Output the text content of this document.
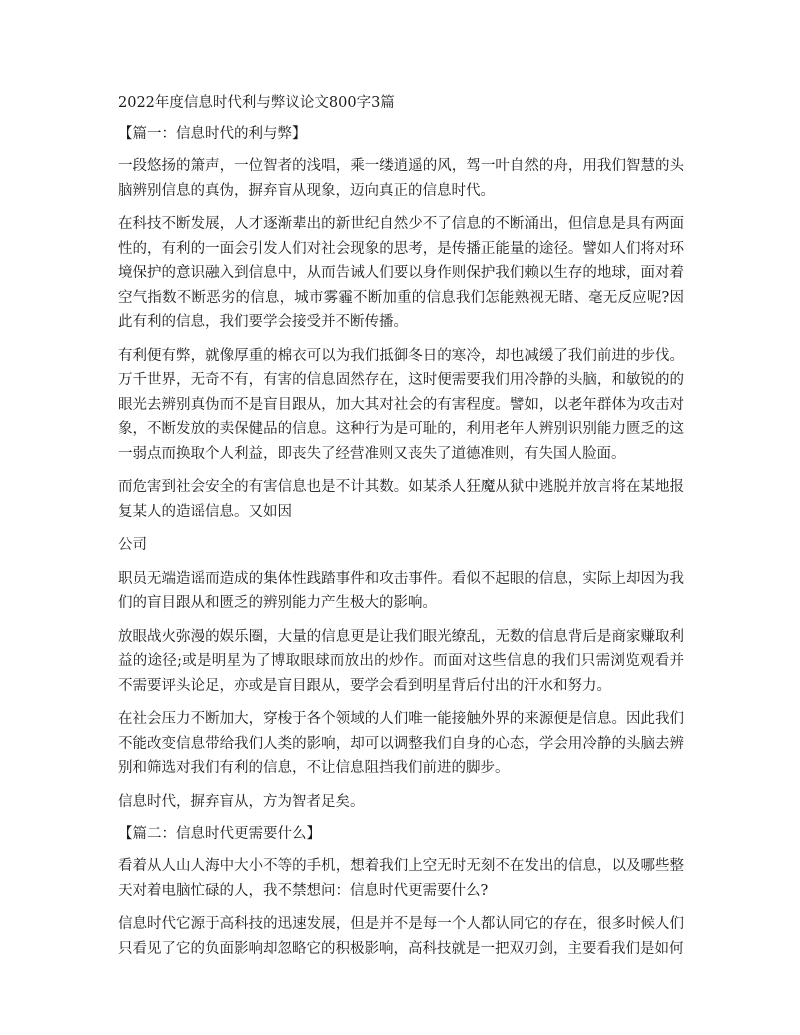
2022年度信息时代利与弊议论文800字3篇
【篇一：信息时代的利与弊】

一段悠扬的箫声，一位智者的浅唱，乘一缕逍遥的风，驾一叶自然的舟，用我们智慧的头脑辨别信息的真伪，摒弃盲从现象，迈向真正的信息时代。

在科技不断发展，人才逐渐辈出的新世纪自然少不了信息的不断涌出，但信息是具有两面性的，有利的一面会引发人们对社会现象的思考，是传播正能量的途径。譬如人们将对环境保护的意识融入到信息中，从而告诫人们要以身作则保护我们赖以生存的地球，面对着空气指数不断恶劣的信息，城市雾霾不断加重的信息我们怎能熟视无睹、毫无反应呢?因此有利的信息，我们要学会接受并不断传播。

有利便有弊，就像厚重的棉衣可以为我们抵御冬日的寒冷，却也减缓了我们前进的步伐。万千世界，无奇不有，有害的信息固然存在，这时便需要我们用冷静的头脑，和敏锐的的眼光去辨别真伪而不是盲目跟从，加大其对社会的有害程度。譬如，以老年群体为攻击对象，不断发放的卖保健品的信息。这种行为是可耻的，利用老年人辨别识别能力匮乏的这一弱点而换取个人利益，即丧失了经营准则又丧失了道德准则，有失国人脸面。

而危害到社会安全的有害信息也是不计其数。如某杀人狂魔从狱中逃脱并放言将在某地报复某人的造谣信息。又如因

公司

职员无端造谣而造成的集体性践踏事件和攻击事件。看似不起眼的信息，实际上却因为我们的盲目跟从和匮乏的辨别能力产生极大的影响。

放眼战火弥漫的娱乐圈，大量的信息更是让我们眼光缭乱，无数的信息背后是商家赚取利益的途径;或是明星为了博取眼球而放出的炒作。而面对这些信息的我们只需浏览观看并不需要评头论足，亦或是盲目跟从，要学会看到明星背后付出的汗水和努力。

在社会压力不断加大，穿梭于各个领域的人们唯一能接触外界的来源便是信息。因此我们不能改变信息带给我们人类的影响，却可以调整我们自身的心态，学会用冷静的头脑去辨别和筛选对我们有利的信息，不让信息阻挡我们前进的脚步。

信息时代，摒弃盲从，方为智者足矣。

【篇二：信息时代更需要什么】

看着从人山人海中大小不等的手机，想着我们上空无时无刻不在发出的信息，以及哪些整天对着电脑忙碌的人，我不禁想问：信息时代更需要什么?

信息时代它源于高科技的迅速发展，但是并不是每一个人都认同它的存在，很多时候人们只看见了它的负面影响却忽略它的积极影响，高科技就是一把双刃剑，主要看我们是如何
